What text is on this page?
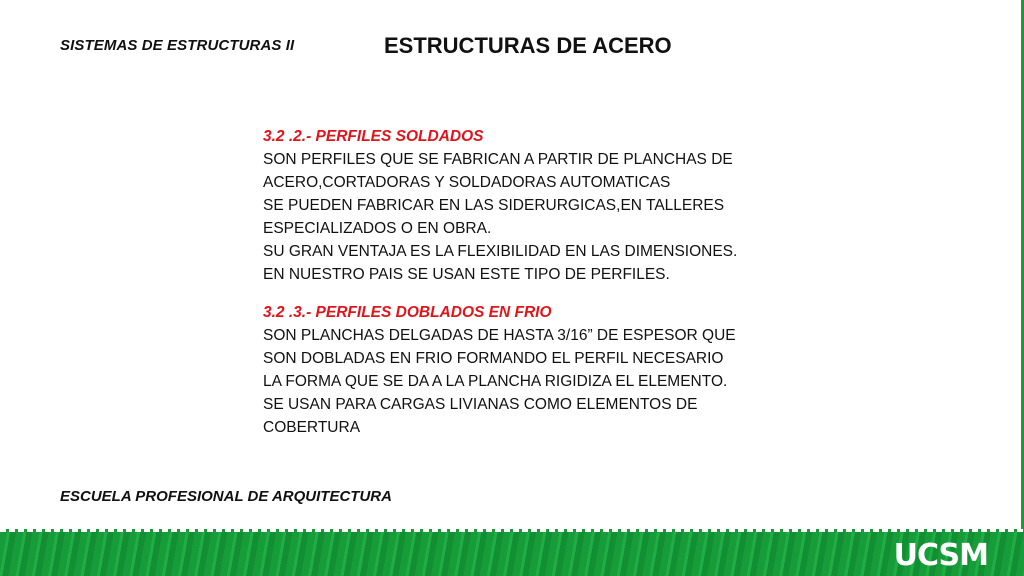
SISTEMAS DE ESTRUCTURAS II	ESTRUCTURAS DE ACERO
3.2 .2.- PERFILES SOLDADOS
SON PERFILES QUE SE FABRICAN A PARTIR DE PLANCHAS DE
ACERO,CORTADORAS Y SOLDADORAS AUTOMATICAS
SE PUEDEN FABRICAR EN LAS SIDERURGICAS,EN TALLERES
ESPECIALIZADOS O EN OBRA.
SU GRAN VENTAJA ES LA FLEXIBILIDAD EN LAS DIMENSIONES.
EN NUESTRO PAIS SE USAN ESTE TIPO DE PERFILES.
3.2 .3.- PERFILES DOBLADOS EN FRIO
SON PLANCHAS DELGADAS DE HASTA 3/16” DE ESPESOR QUE
SON DOBLADAS EN FRIO FORMANDO EL PERFIL NECESARIO
LA FORMA QUE SE DA A LA PLANCHA RIGIDIZA EL ELEMENTO.
SE USAN PARA CARGAS LIVIANAS COMO ELEMENTOS DE
COBERTURA
ESCUELA PROFESIONAL DE ARQUITECTURA
UCSM
